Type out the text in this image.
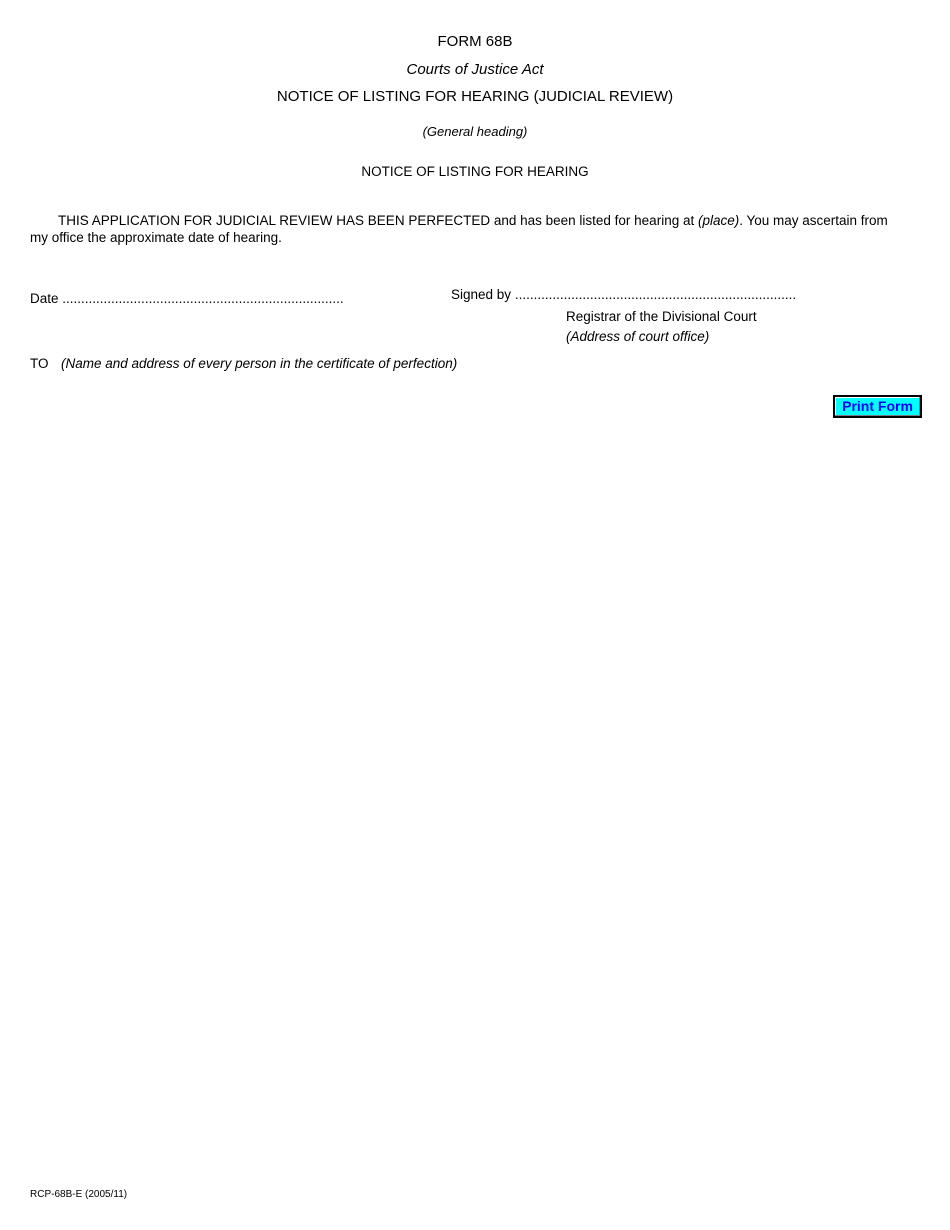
FORM 68B
Courts of Justice Act
NOTICE OF LISTING FOR HEARING (JUDICIAL REVIEW)
(General heading)
NOTICE OF LISTING FOR HEARING
THIS APPLICATION FOR JUDICIAL REVIEW HAS BEEN PERFECTED and has been listed for hearing at (place). You may ascertain from my office the approximate date of hearing.
Date ...........................................................................	Signed by ...........................................................................
Registrar of the Divisional Court
(Address of court office)
TO (Name and address of every person in the certificate of perfection)
Print Form
RCP-68B-E (2005/11)
